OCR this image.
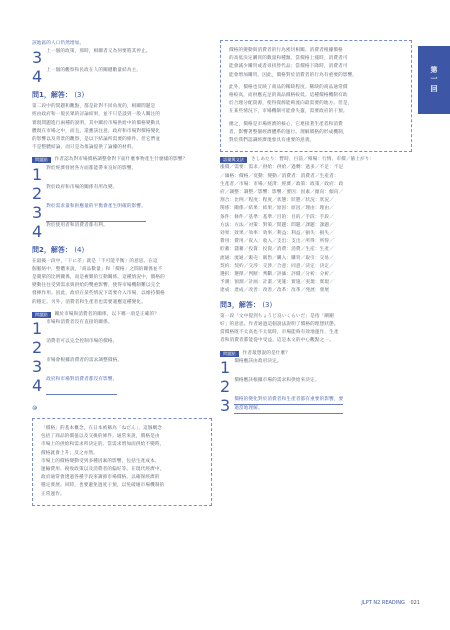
第
一
回

該地區的人口仍然增加。

3 上一個的政策，那時，相關者又為何要將其停止。

4 上一個的觀察和民政在人的關鍵數量結為主。

問1，解答： (3)

第二段中的問題和觀點，都是針對不同角度的，相關問題是

經由政府和一般民眾的討論結果，並不只是談到一般人關注的

實現問題進行兩種的說明。其中關於市場供給中的價格變動具

體現在市場之中，而且，還應該注意，政府和市場對價格變化

的影響以及背景的觀察，是以下結論所需要的條件。但它們並

不是整體結論，而只是為推論提供了論據的材料。

問題點	作者認為對市場價格調整會對下面什麼事物產生什麼樣的影響？

1 對於經濟發展各方面都能帶來良好的影響。

2 對於政府和市場的關係有所改變。

3 對於需求量和供應量的平衡會產生明確的影響。

4 對於使用者和消費者都有利。

問2，解答： (4)

在最後一段中，「干に差」就是「不可能平衡」的意思。在這

個脈絡中，整體來說，「商品數量」和「價格」之間的關係並不

是簡單的比例關係，而是複雜的互動關係。這種情況中，價格的

變動往往受到需求與供給的雙重影響，使得市場機制難以完全

發揮作用。因此，政府在某些情況下需要介入市場，以維持價格

的穩定。另外，消費者和生產者也需要適應這種變化。

問題點	關於市場與消費者的關係，以下哪一項是正確的？

1 市場和消費者沒有直接的關係。

2 消費者可以完全控制市場的價格。

3 市場會根據消費者的需求調整價格。

4 政府和市場對消費者都沒有影響。

⑩

「價格」的基本概念，在日本被稱為「ねだん」，這個概念

包括了商品的價值以及交換的條件。通常來說，價格是由

市場上的供給和需求所決定的。當需求增加而供給不變時，

價格就會上升；反之亦然。

市場上的價格變動受到多種因素的影響，包括生產成本、

運輸費用、稅收政策以及消費者的偏好等。在現代經濟中，

政府通常會透過各種手段來調節市場價格，以確保經濟的

穩定發展。同時，也要避免過度干預，以免破壞市場機制的

正常運作。

價格的變動與消費者的行為密切相關。消費者根據價格

的高低決定購買的數量和種類。當價格上漲時，消費者可

能會減少購買或者尋找替代品；當價格下降時，消費者可

能會增加購買。因此，價格對於消費者的行為有重要的影響。

此外，價格也反映了商品的稀缺程度。稀缺的商品通常價

格較高，而供應充足的商品價格較低。這種價格機制有助

於合理分配資源，使得資源能夠流向最需要的地方。但是，

在某些情況下，市場機制可能會失靈，需要政府的干預。

總之，價格是市場經濟的核心，它連接著生產者和消費

者，影響著整個經濟體系的運行。理解價格的形成機制，

對於我們認識經濟現象具有重要的意義。

語彙與文法	さしあたり：暫時、目前／相場：行情、市價／値上がり：

漲價／需要：需求／供給：供給／過剰：過多／不足：不足

／価格：價格／変動：變動／消費者：消費者／生産者：

生產者／市場：市場／経済：經濟／政策：政策／政府：政

府／調整：調整／影響：影響／要因：因素／傾向：傾向／

割合：比例／程度：程度／状態：狀態／状況：狀況／

関係：關係／結果：結果／原因：原因／理由：理由／

条件：條件／基準：基準／目的：目的／手段：手段／

方法：方法／対策：對策／問題：問題／課題：課題／

効果：效果／効率：效率／利益：利益／損失：損失／

費用：費用／収入：收入／支出：支出／所得：所得／

貯蓄：儲蓄／投資：投資／消費：消費／生産：生產／

流通：流通／販売：販售／購入：購買／取引：交易／

契約：契約／交渉：交涉／合意：同意／決定：決定／

選択：選擇／判断：判斷／評価：評價／分析：分析／

予測：預測／計画：計畫／実施：實施／実現：實現／

達成：達成／改善：改善／改革：改革／発展：發展

問3，解答： (3)

第一段「文中提到ちょうど良いくらいだ」是指「剛剛

好」的意思。作者通過這個說法說明了價格的理想狀態。

當價格既不太高也不太低時，市場能夠有效地運作，生產

者和消費者都能從中受益。這是本文的中心觀點之一。

問題點	作者最想說的是什麼？

1 價格應該由政府決定。

2 價格應該根據市場的需求和供給來決定。

3 價格的變化對於消費者和生產者都有重要的影響，要

適當地理解。

JLPT N2 READING 021
